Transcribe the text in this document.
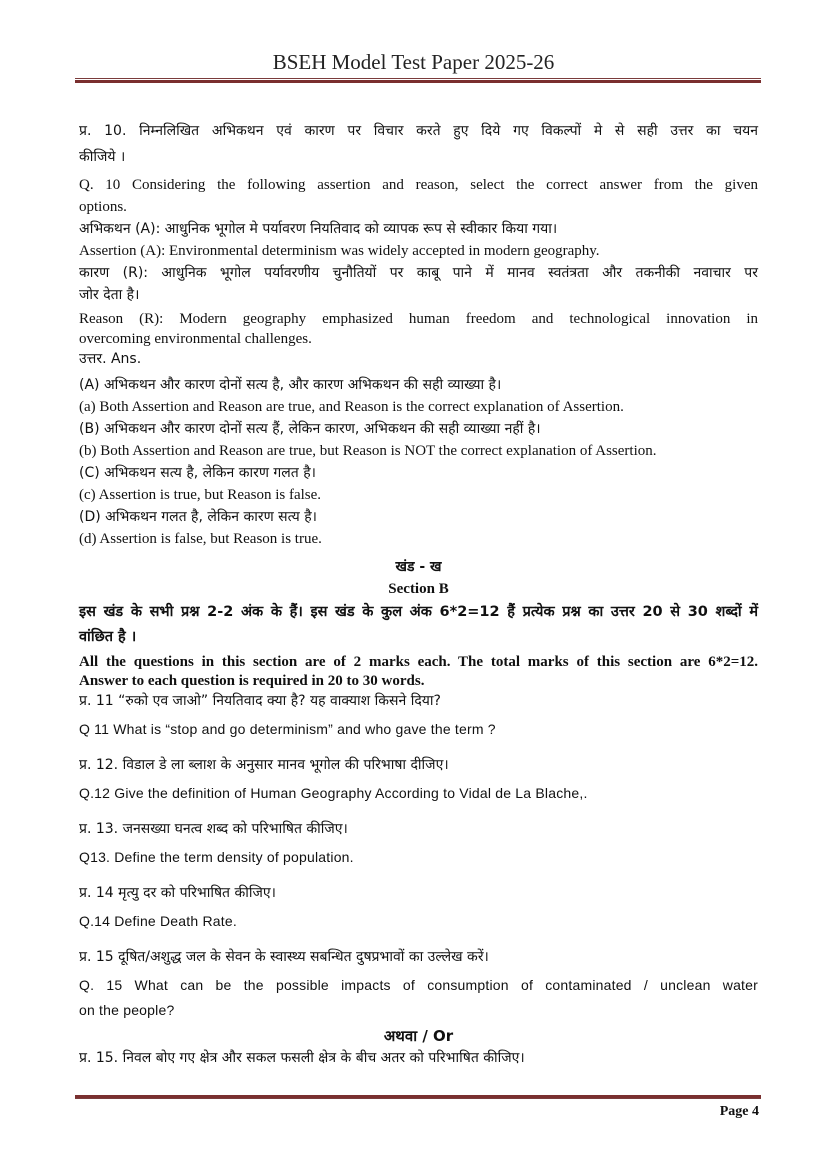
BSEH Model Test Paper 2025-26
प्र. 10. निम्नलिखित अभिकथन एवं कारण पर विचार करते हुए दिये गए विकल्पों मे से सही उत्तर का चयन
कीजिये ।
Q. 10 Considering the following assertion and reason, select the correct answer from the given
options.
अभिकथन (A): आधुनिक भूगोल मे पर्यावरण नियतिवाद को व्यापक रूप से स्वीकार किया गया।
Assertion (A): Environmental determinism was widely accepted in modern geography.
कारण (R): आधुनिक भूगोल पर्यावरणीय चुनौतियों पर काबू पाने में मानव स्वतंत्रता और तकनीकी नवाचार पर
जोर देता है।
Reason (R): Modern geography emphasized human freedom and technological innovation in
overcoming environmental challenges.
उत्तर. Ans.
(A) अभिकथन और कारण दोनों सत्य है, और कारण अभिकथन की सही व्याख्या है।
(a) Both Assertion and Reason are true, and Reason is the correct explanation of Assertion.
(B) अभिकथन और कारण दोनों सत्य हैं, लेकिन कारण, अभिकथन की सही व्याख्या नहीं है।
(b) Both Assertion and Reason are true, but Reason is NOT the correct explanation of Assertion.
(C) अभिकथन सत्य है, लेकिन कारण गलत है।
(c) Assertion is true, but Reason is false.
(D) अभिकथन गलत है, लेकिन कारण सत्य है।
(d) Assertion is false, but Reason is true.
खंड - ख
Section B
इस खंड के सभी प्रश्न 2-2 अंक के हैं। इस खंड के कुल अंक 6*2=12 हैं प्रत्येक प्रश्न का उत्तर 20 से 30 शब्दों में
वांछित है ।
All the questions in this section are of 2 marks each. The total marks of this section are 6*2=12.
Answer to each question is required in 20 to 30 words.
प्र. 11 “रुको एव जाओ” नियतिवाद क्या है? यह वाक्याश किसने दिया?
Q 11 What is “stop and go determinism” and who gave the term ?
प्र. 12. विडाल डे ला ब्लाश के अनुसार मानव भूगोल की परिभाषा दीजिए।
Q.12 Give the definition of Human Geography According to Vidal de La Blache,.
प्र. 13. जनसख्या घनत्व शब्द को परिभाषित कीजिए।
Q13. Define the term density of population.
प्र. 14 मृत्यु दर को परिभाषित कीजिए।
Q.14 Define Death Rate.
प्र. 15 दूषित/अशुद्ध जल के सेवन के स्वास्थ्य सबन्धित दुषप्रभावों का उल्लेख करें।
Q. 15 What can be the possible impacts of consumption of contaminated / unclean water
on the people?
अथवा / Or
प्र. 15. निवल बोए गए क्षेत्र और सकल फसली क्षेत्र के बीच अतर को परिभाषित कीजिए।
Page 4
